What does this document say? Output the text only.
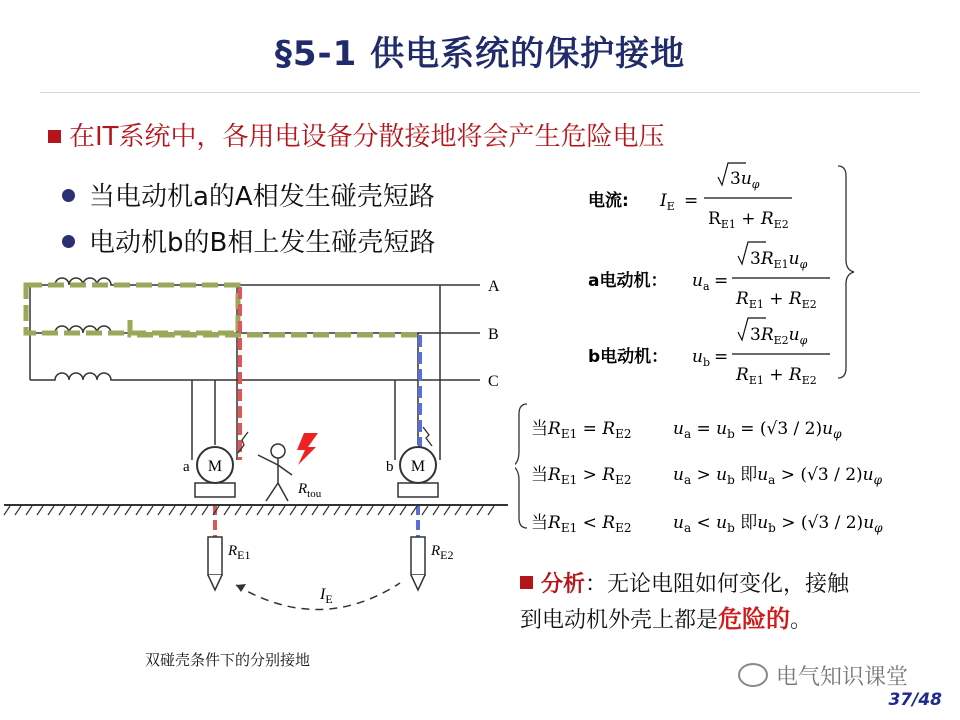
§5-1 供电系统的保护接地
在IT系统中，各用电设备分散接地将会产生危险电压
当电动机a的A相发生碰壳短路
电动机b的B相上发生碰壳短路
A
B
C
M
a	M
b
$R_{tou}$
$R_{E1}$	$R_{E2}$
$I_E$
双碰壳条件下的分别接地
电流: $I_E$ =
$3u_\varphi$
$R_{E1} + R_{E2}$
a电动机： $u_a$ =
$3R_{E1}u_\varphi$
$R_{E1} + R_{E2}$
b电动机： $u_b$ =
$3R_{E2}u_\varphi$
$R_{E1} + R_{E2}$
当$R_{E1} = R_{E2}$ $u_a = u_b = (√3 / 2)u_\varphi$
当$R_{E1} > R_{E2}$ $u_a > u_b$ 即$u_a > (√3 / 2)u_\varphi$
当$R_{E1} < R_{E2}$ $u_a < u_b$ 即$u_b > (√3 / 2)u_\varphi$
分析：无论电阻如何变化，接触
到电动机外壳上都是危险的。
电气知识课堂
37/48
